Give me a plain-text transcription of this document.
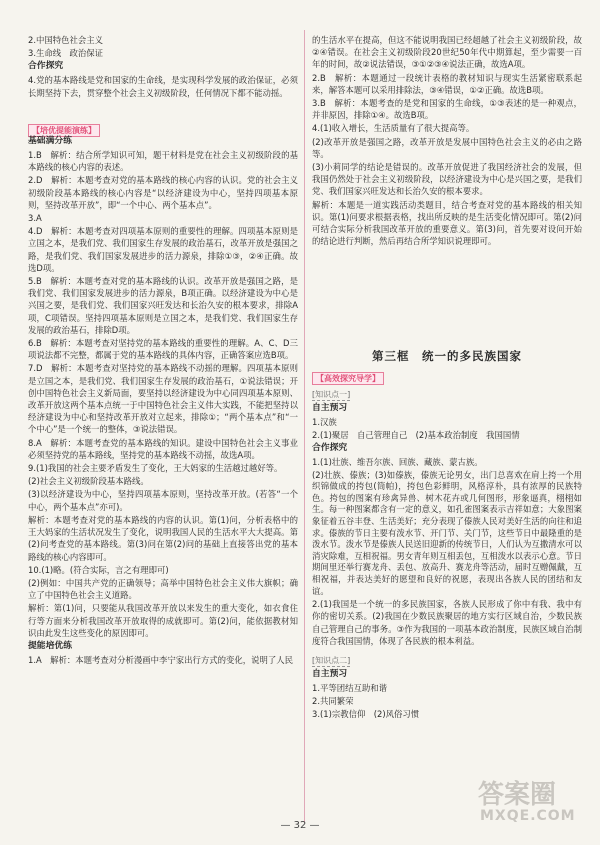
2.中国特色社会主义

3.生命线　政治保证

合作探究

4.党的基本路线是党和国家的生命线，是实现科学发展的政治保证，必须长期坚持下去，贯穿整个社会主义初级阶段，任何情况下都不能动摇。

【培优提能演练】

基础满分练

1.B　解析：结合所学知识可知，题干材料是党在社会主义初级阶段的基本路线的核心内容的表述。

2.D　解析：本题考查对党的基本路线的核心内容的认识。党的社会主义初级阶段基本路线的核心内容是“以经济建设为中心，坚持四项基本原则，坚持改革开放”，即“一个中心、两个基本点”。

3.A

4.D　解析：本题考查对四项基本原则的重要性的理解。四项基本原则是立国之本，是我们党、我们国家生存发展的政治基石，改革开放是强国之路，是我们党、我们国家发展进步的活力源泉，排除①③，②④正确。故选D项。

5.B　解析：本题考查对党的基本路线的认识。改革开放是强国之路，是我们党、我们国家发展进步的活力源泉，B项正确。以经济建设为中心是兴国之要，是我们党、我们国家兴旺发达和长治久安的根本要求，排除A项，C项错误。坚持四项基本原则是立国之本，是我们党、我们国家生存发展的政治基石，排除D项。

6.B　解析：本题考查对坚持党的基本路线的重要性的理解。A、C、D三项说法都不完整，都属于党的基本路线的具体内容，正确答案应选B项。

7.D　解析：本题考查对坚持党的基本路线不动摇的理解。四项基本原则是立国之本，是我们党、我们国家生存发展的政治基石，①说法错误；开创中国特色社会主义新局面，要坚持以经济建设为中心同四项基本原则、改革开放这两个基本点统一于中国特色社会主义伟大实践，不能把坚持以经济建设为中心和坚持改革开放对立起来，排除①；“两个基本点”和“一个中心”是一个统一的整体，③说法错误。

8.A　解析：本题考查党的基本路线的知识。建设中国特色社会主义事业必须坚持党的基本路线，坚持党的基本路线不动摇，故选A项。

9.(1)我国的社会主要矛盾发生了变化，王大妈家的生活越过越好等。

(2)社会主义初级阶段基本路线。

(3)以经济建设为中心，坚持四项基本原则，坚持改革开放。(若答“一个中心，两个基本点”亦可)。

解析：本题考查对党的基本路线的内容的认识。第(1)问，分析表格中的王大妈家的生活状况发生了变化，说明我国人民的生活水平大大提高。第(2)问考查党的基本路线。第(3)问在第(2)问的基础上直接答出党的基本路线的核心内容即可。

10.(1)略。(符合实际，言之有理即可)

(2)例如：中国共产党的正确领导；高举中国特色社会主义伟大旗帜；确立了中国特色社会主义道路。

解析：第(1)问，只要能从我国改革开放以来发生的重大变化，如衣食住行等方面来分析我国改革开放取得的成就即可。第(2)问，能依据教材知识由此发生这些变化的原因即可。

提能培优练

1.A　解析：本题考查对分析漫画中李宁家出行方式的变化，说明了人民

的生活水平在提高，但这不能说明我国已经超越了社会主义初级阶段，故②④错误。在社会主义初级阶段20世纪50年代中期算起，至少需要一百年的时间，故②说法错误，③①②③④说法正确，故选A项。

2.B　解析：本题通过一段统计表格的教材知识与现实生活紧密联系起来，解答本题可以采用排除法，③④错误，①②正确。故选B项。

3.B　解析：本题考查的是党和国家的生命线，①③表述的是一种观点，并非原因，排除①④。故选B项。

4.(1)收入增长，生活质量有了很大提高等。

(2)改革开放是强国之路，改革开放是发展中国特色社会主义的必由之路等。

(3)小莉同学的结论是错误的。改革开放促进了我国经济社会的发展，但我国仍然处于社会主义初级阶段，以经济建设为中心是兴国之要，是我们党、我们国家兴旺发达和长治久安的根本要求。

解析：本题是一道实践活动类题目，结合考查对党的基本路线的相关知识。第(1)问要求根据表格，找出所反映的是生活变化情况即可。第(2)问可结合实际分析我国改革开放的重要意义。第(3)问，首先要对设问开始的结论进行判断，然后再结合所学知识说理即可。

第三框　统一的多民族国家
【高效探究导学】
[知识点一]

自主预习

1.汉族

2.(1)聚居　自己管理自己　(2)基本政治制度　我国国情

合作探究

1.(1)壮族、维吾尔族、回族、藏族、蒙古族。

(2)壮族、傣族；(3)如傣族，傣族无论男女，出门总喜欢在肩上挎一个用织锦做成的挎包(筒帕)，挎包色彩鲜明，风格淳朴，具有浓厚的民族特色。挎包的图案有珍禽异兽、树木花卉或几何图形，形象逼真，栩栩如生。每一种图案都含有一定的意义，如孔雀图案表示吉祥如意；大象图案象征着五谷丰登、生活美好；充分表现了傣族人民对美好生活的向往和追求。傣族的节日主要有泼水节、开门节、关门节，这些节日中最隆重的是泼水节。泼水节是傣族人民送旧迎新的传统节日，人们认为互撒清水可以消灾除难，互相祝福。男女青年则互相丢包，互相泼水以表示心意。节日期间里还举行赛龙舟、丢包、放高升、赛龙舟等活动，届时互赠佩戴，互相祝福，并表达美好的愿望和良好的祝愿，表现出各族人民的团结和友谊。

2.(1)我国是一个统一的多民族国家，各族人民形成了你中有我、我中有你的密切关系。(2)我国在少数民族聚居的地方实行区域自治，少数民族自己管理自己的事务。③作为我国的一项基本政治制度，民族区域自治制度符合我国国情，体现了各民族的根本利益。

[知识点二]

自主预习

1.平等团结互助和谐

2.共同繁荣

3.(1)宗教信仰　(2)风俗习惯

— 32 —
答案圈
MXQE.COM
